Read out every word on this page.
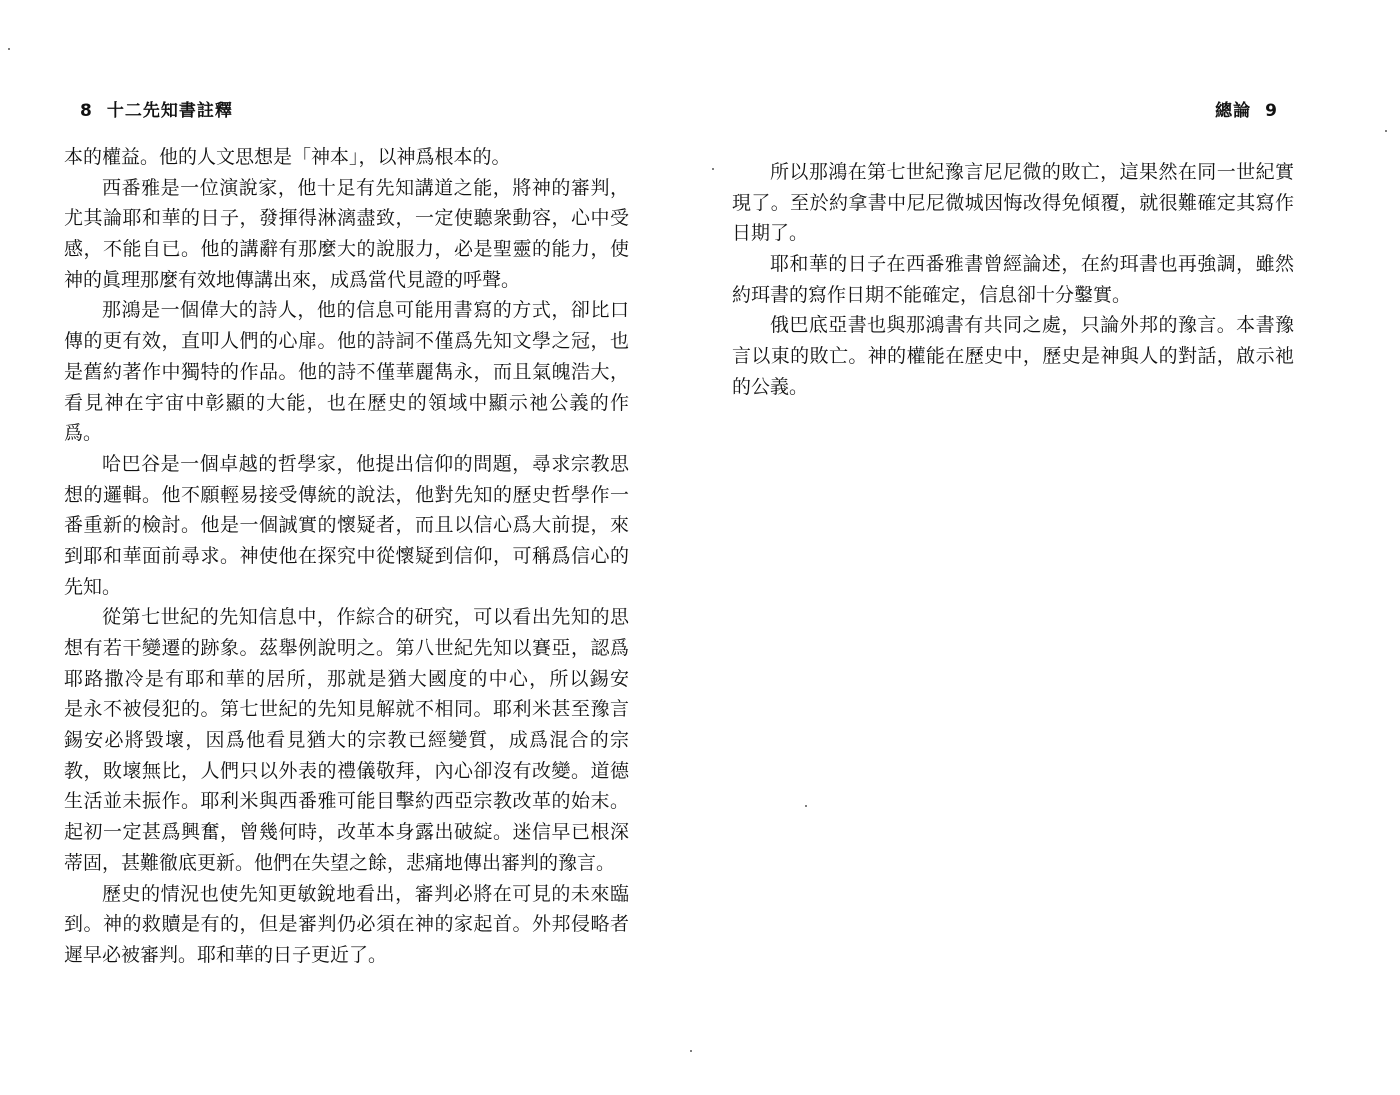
8 十二先知書註釋
本的權益。他的人文思想是「神本」，以神爲根本的。
西番雅是一位演說家，他十足有先知講道之能，將神的審判，
尤其論耶和華的日子，發揮得淋漓盡致，一定使聽衆動容，心中受
感，不能自已。他的講辭有那麼大的說服力，必是聖靈的能力，使
神的眞理那麼有效地傳講出來，成爲當代見證的呼聲。
那鴻是一個偉大的詩人，他的信息可能用書寫的方式，卻比口
傳的更有效，直叩人們的心扉。他的詩詞不僅爲先知文學之冠，也
是舊約著作中獨特的作品。他的詩不僅華麗雋永，而且氣魄浩大，
看見神在宇宙中彰顯的大能，也在歷史的領域中顯示祂公義的作
爲。
哈巴谷是一個卓越的哲學家，他提出信仰的問題，尋求宗教思
想的邏輯。他不願輕易接受傳統的說法，他對先知的歷史哲學作一
番重新的檢討。他是一個誠實的懷疑者，而且以信心爲大前提，來
到耶和華面前尋求。神使他在探究中從懷疑到信仰，可稱爲信心的
先知。
從第七世紀的先知信息中，作綜合的研究，可以看出先知的思
想有若干變遷的跡象。茲舉例說明之。第八世紀先知以賽亞，認爲
耶路撒冷是有耶和華的居所，那就是猶大國度的中心，所以錫安
是永不被侵犯的。第七世紀的先知見解就不相同。耶利米甚至豫言
錫安必將毀壞，因爲他看見猶大的宗教已經變質，成爲混合的宗
教，敗壞無比，人們只以外表的禮儀敬拜，內心卻沒有改變。道德
生活並未振作。耶利米與西番雅可能目擊約西亞宗教改革的始末。
起初一定甚爲興奮，曾幾何時，改革本身露出破綻。迷信早已根深
蒂固，甚難徹底更新。他們在失望之餘，悲痛地傳出審判的豫言。
歷史的情況也使先知更敏銳地看出，審判必將在可見的未來臨
到。神的救贖是有的，但是審判仍必須在神的家起首。外邦侵略者
遲早必被審判。耶和華的日子更近了。
總論 9
所以那鴻在第七世紀豫言尼尼微的敗亡，這果然在同一世紀實
現了。至於約拿書中尼尼微城因悔改得免傾覆，就很難確定其寫作
日期了。
耶和華的日子在西番雅書曾經論述，在約珥書也再強調，雖然
約珥書的寫作日期不能確定，信息卻十分鑿實。
俄巴底亞書也與那鴻書有共同之處，只論外邦的豫言。本書豫
言以東的敗亡。神的權能在歷史中，歷史是神與人的對話，啟示祂
的公義。
